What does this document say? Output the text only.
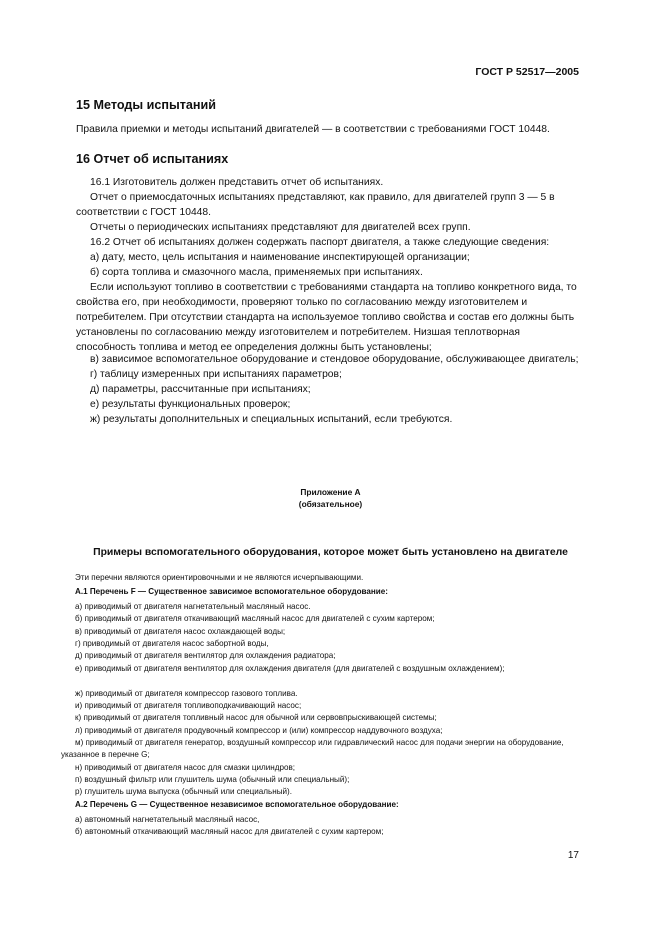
ГОСТ Р 52517—2005
15 Методы испытаний
Правила приемки и методы испытаний двигателей — в соответствии с требованиями ГОСТ 10448.
16 Отчет об испытаниях
16.1 Изготовитель должен представить отчет об испытаниях.
Отчет о приемосдаточных испытаниях представляют, как правило, для двигателей групп 3 — 5 в соответствии с ГОСТ 10448.
Отчеты о периодических испытаниях представляют для двигателей всех групп.
16.2 Отчет об испытаниях должен содержать паспорт двигателя, а также следующие сведения:
а) дату, место, цель испытания и наименование инспектирующей организации;
б) сорта топлива и смазочного масла, применяемых при испытаниях.
Если используют топливо в соответствии с требованиями стандарта на топливо конкретного вида, то свойства его, при необходимости, проверяют только по согласованию между изготовителем и потребителем. При отсутствии стандарта на используемое топливо свойства и состав его должны быть установлены по согласованию между изготовителем и потребителем. Низшая теплотворная способность топлива и метод ее определения должны быть установлены;
в) зависимое вспомогательное оборудование и стендовое оборудование, обслуживающее двигатель;
г) таблицу измеренных при испытаниях параметров;
д) параметры, рассчитанные при испытаниях;
е) результаты функциональных проверок;
ж) результаты дополнительных и специальных испытаний, если требуются.
Приложение А
(обязательное)
Примеры вспомогательного оборудования, которое может быть установлено на двигателе
Эти перечни являются ориентировочными и не являются исчерпывающими.
А.1 Перечень F — Существенное зависимое вспомогательное оборудование:
а) приводимый от двигателя нагнетательный масляный насос.
б) приводимый от двигателя откачивающий масляный насос для двигателей с сухим картером;
в) приводимый от двигателя насос охлаждающей воды;
г) приводимый от двигателя насос забортной воды,
д) приводимый от двигателя вентилятор для охлаждения радиатора;
е) приводимый от двигателя вентилятор для охлаждения двигателя (для двигателей с воздушным охлаждением);
ж) приводимый от двигателя компрессор газового топлива.
и) приводимый от двигателя топливоподкачивающий насос;
к) приводимый от двигателя топливный насос для обычной или сервовпрыскивающей системы;
л) приводимый от двигателя продувочный компрессор и (или) компрессор наддувочного воздуха;
м) приводимый от двигателя генератор, воздушный компрессор или гидравлический насос для подачи энергии на оборудование, указанное в перечне G;
н) приводимый от двигателя насос для смазки цилиндров;
п) воздушный фильтр или глушитель шума (обычный или специальный);
р) глушитель шума выпуска (обычный или специальный).
А.2 Перечень G — Существенное независимое вспомогательное оборудование:
а) автономный нагнетательный масляный насос,
б) автономный откачивающий масляный насос для двигателей с сухим картером;
17
